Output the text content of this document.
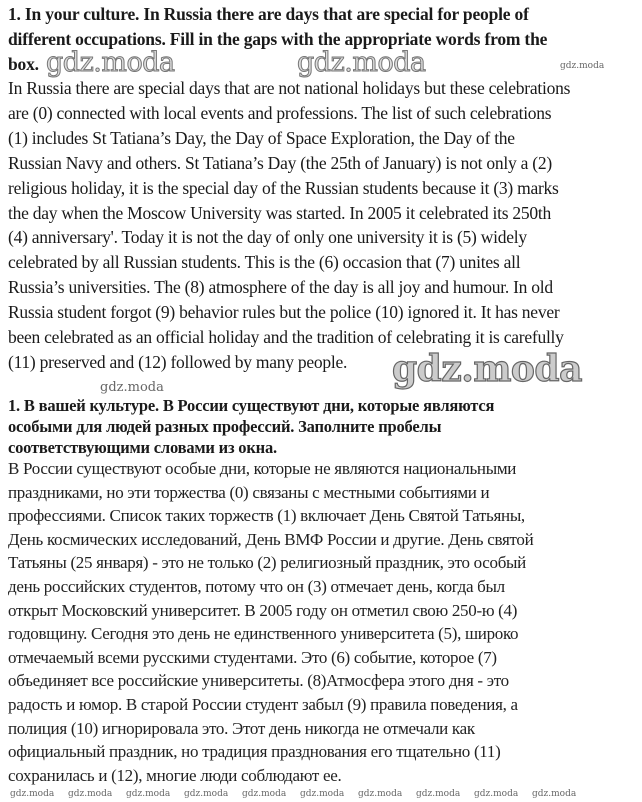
1. In your culture. In Russia there are days that are special for people of
different occupations. Fill in the gaps with the appropriate words from the
box.
In Russia there are special days that are not national holidays but these celebrations
are (0) connected with local events and professions. The list of such celebrations
(1) includes St Tatiana’s Day, the Day of Space Exploration, the Day of the
Russian Navy and others. St Tatiana’s Day (the 25th of January) is not only a (2)
religious holiday, it is the special day of the Russian students because it (3) marks
the day when the Moscow University was started. In 2005 it celebrated its 250th
(4) anniversary'. Today it is not the day of only one university it is (5) widely
celebrated by all Russian students. This is the (6) occasion that (7) unites all
Russia’s universities. The (8) atmosphere of the day is all joy and humour. In old
Russia student forgot (9) behavior rules but the police (10) ignored it. It has never
been celebrated as an official holiday and the tradition of celebrating it is carefully
(11) preserved and (12) followed by many people.
1. В вашей культуре. В России существуют дни, которые являются
особыми для людей разных профессий. Заполните пробелы
соответствующими словами из окна.
В России существуют особые дни, которые не являются национальными
праздниками, но эти торжества (0) связаны с местными событиями и
профессиями. Список таких торжеств (1) включает День Святой Татьяны,
День космических исследований, День ВМФ России и другие. День святой
Татьяны (25 января) - это не только (2) религиозный праздник, это особый
день российских студентов, потому что он (3) отмечает день, когда был
открыт Московский университет. В 2005 году он отметил свою 250-ю (4)
годовщину. Сегодня это день не единственного университета (5), широко
отмечаемый всеми русскими студентами. Это (6) событие, которое (7)
объединяет все российские университеты. (8)Атмосфера этого дня - это
радость и юмор. В старой России студент забыл (9) правила поведения, а
полиция (10) игнорировала это. Этот день никогда не отмечали как
официальный праздник, но традиция празднования его тщательно (11)
сохранилась и (12), многие люди соблюдают ее.
gdz.moda	gdz.moda	gdz.moda
gdz.moda
gdz.moda
gdz.moda gdz.moda gdz.moda gdz.moda gdz.moda gdz.moda gdz.moda gdz.moda gdz.moda gdz.moda
